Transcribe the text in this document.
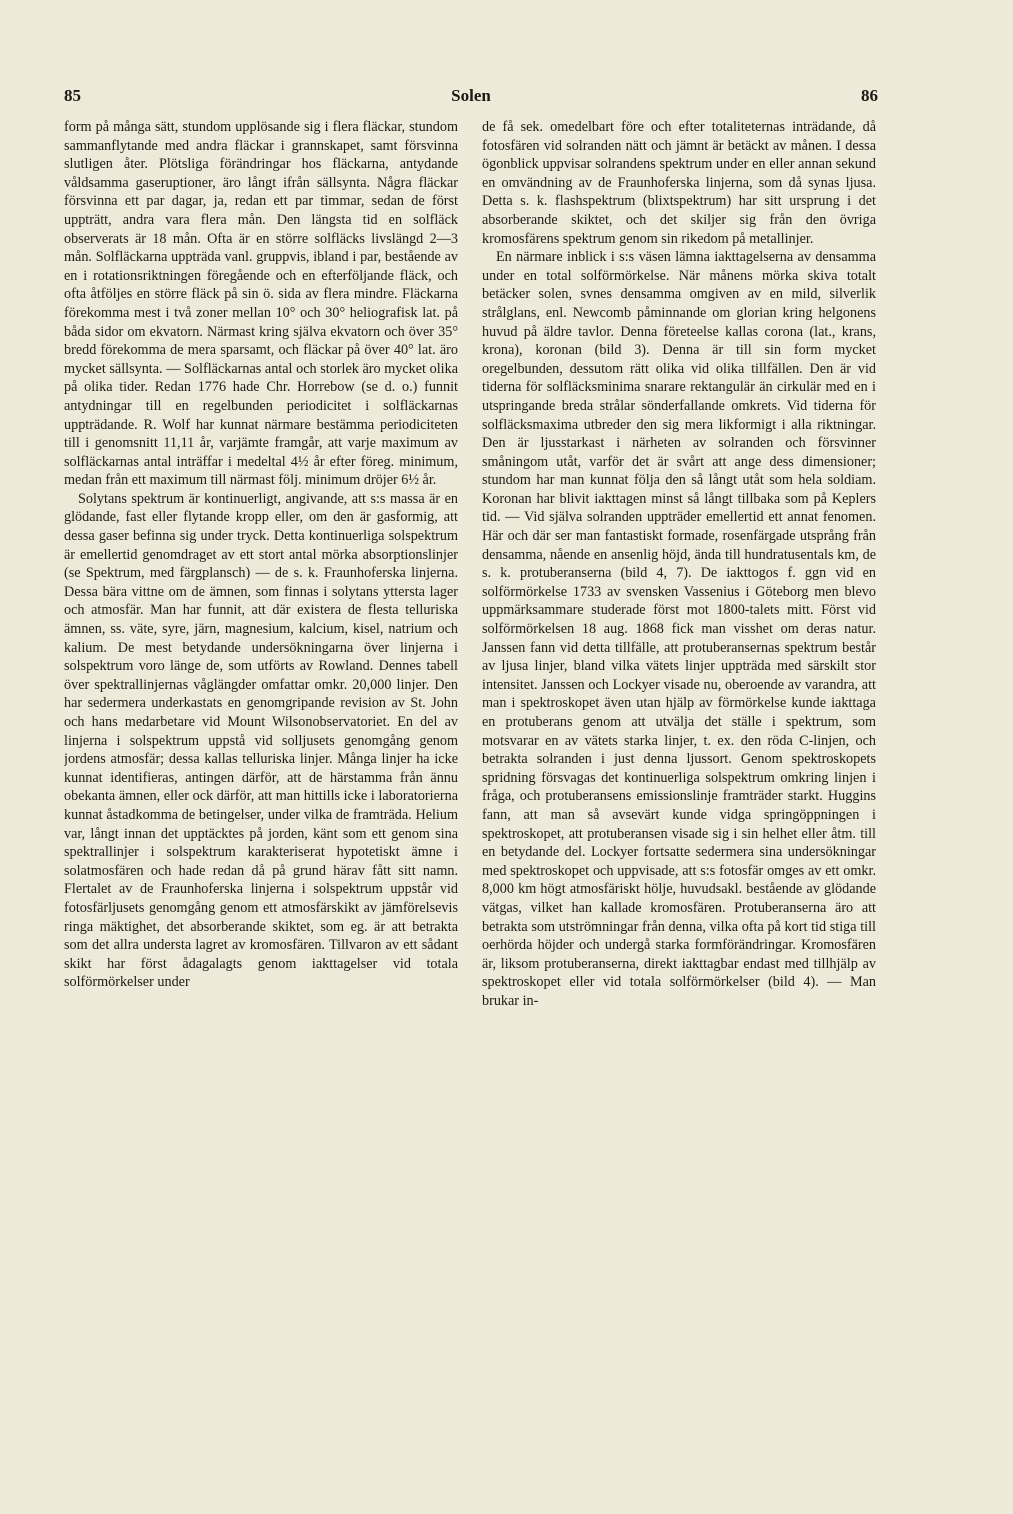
85	Solen	86

form på många sätt, stundom upplösande sig i flera fläckar, stundom sammanflytande med andra fläckar i grannskapet, samt försvinna slutligen åter. Plötsliga förändringar hos fläckarna, antydande våldsamma gaseruptioner, äro långt ifrån sällsynta. Några fläckar försvinna ett par dagar, ja, redan ett par timmar, sedan de först uppträtt, andra vara flera mån. Den längsta tid en solfläck observerats är 18 mån. Ofta är en större solfläcks livslängd 2—3 mån. Solfläckarna uppträda vanl. gruppvis, ibland i par, bestående av en i rotationsriktningen föregående och en efterföljande fläck, och ofta åtföljes en större fläck på sin ö. sida av flera mindre. Fläckarna förekomma mest i två zoner mellan 10° och 30° heliografisk lat. på båda sidor om ekvatorn. Närmast kring själva ekvatorn och över 35° bredd förekomma de mera sparsamt, och fläckar på över 40° lat. äro mycket sällsynta. — Solfläckarnas antal och storlek äro mycket olika på olika tider. Redan 1776 hade Chr. Horrebow (se d. o.) funnit antydningar till en regelbunden periodicitet i solfläckarnas uppträdande. R. Wolf har kunnat närmare bestämma periodiciteten till i genomsnitt 11,11 år, varjämte framgår, att varje maximum av solfläckarnas antal inträffar i medeltal 4½ år efter föreg. minimum, medan från ett maximum till närmast följ. minimum dröjer 6½ år.

Solytans spektrum är kontinuerligt, angivande, att s:s massa är en glödande, fast eller flytande kropp eller, om den är gasformig, att dessa gaser befinna sig under tryck. Detta kontinuerliga solspektrum är emellertid genomdraget av ett stort antal mörka absorptionslinjer (se Spektrum, med färgplansch) — de s. k. Fraunhoferska linjerna. Dessa bära vittne om de ämnen, som finnas i solytans yttersta lager och atmosfär. Man har funnit, att där existera de flesta telluriska ämnen, ss. väte, syre, järn, magnesium, kalcium, kisel, natrium och kalium. De mest betydande undersökningarna över linjerna i solspektrum voro länge de, som utförts av Rowland. Dennes tabell över spektrallinjernas våglängder omfattar omkr. 20,000 linjer. Den har sedermera underkastats en genomgripande revision av St. John och hans medarbetare vid Mount Wilsonobservatoriet. En del av linjerna i solspektrum uppstå vid solljusets genomgång genom jordens atmosfär; dessa kallas telluriska linjer. Många linjer ha icke kunnat identifieras, antingen därför, att de härstamma från ännu obekanta ämnen, eller ock därför, att man hittills icke i laboratorierna kunnat åstadkomma de betingelser, under vilka de framträda. Helium var, långt innan det upptäcktes på jorden, känt som ett genom sina spektrallinjer i solspektrum karakteriserat hypotetiskt ämne i solatmosfären och hade redan då på grund härav fått sitt namn. Flertalet av de Fraunhoferska linjerna i solspektrum uppstår vid fotosfärljusets genomgång genom ett atmosfärskikt av jämförelsevis ringa mäktighet, det absorberande skiktet, som eg. är att betrakta som det allra understa lagret av kromosfären. Tillvaron av ett sådant skikt har först ådagalagts genom iakttagelser vid totala solförmörkelser under

de få sek. omedelbart före och efter totaliteternas inträdande, då fotosfären vid solranden nätt och jämnt är betäckt av månen. I dessa ögonblick uppvisar solrandens spektrum under en eller annan sekund en omvändning av de Fraunhoferska linjerna, som då synas ljusa. Detta s. k. flashspektrum (blixtspektrum) har sitt ursprung i det absorberande skiktet, och det skiljer sig från den övriga kromosfärens spektrum genom sin rikedom på metallinjer.

En närmare inblick i s:s väsen lämna iakttagelserna av densamma under en total solförmörkelse. När månens mörka skiva totalt betäcker solen, svnes densamma omgiven av en mild, silverlik strålglans, enl. Newcomb påminnande om glorian kring helgonens huvud på äldre tavlor. Denna företeelse kallas corona (lat., krans, krona), koronan (bild 3). Denna är till sin form mycket oregelbunden, dessutom rätt olika vid olika tillfällen. Den är vid tiderna för solfläcksminima snarare rektangulär än cirkulär med en i utspringande breda strålar sönderfallande omkrets. Vid tiderna för solfläcksmaxima utbreder den sig mera likformigt i alla riktningar. Den är ljusstarkast i närheten av solranden och försvinner småningom utåt, varför det är svårt att ange dess dimensioner; stundom har man kunnat följa den så långt utåt som hela soldiam. Koronan har blivit iakttagen minst så långt tillbaka som på Keplers tid. — Vid själva solranden uppträder emellertid ett annat fenomen. Här och där ser man fantastiskt formade, rosenfärgade utsprång från densamma, nående en ansenlig höjd, ända till hundratusentals km, de s. k. protuberanserna (bild 4, 7). De iakttogos f. ggn vid en solförmörkelse 1733 av svensken Vassenius i Göteborg men blevo uppmärksammare studerade först mot 1800-talets mitt. Först vid solförmörkelsen 18 aug. 1868 fick man visshet om deras natur. Janssen fann vid detta tillfälle, att protuberansernas spektrum består av ljusa linjer, bland vilka vätets linjer uppträda med särskilt stor intensitet. Janssen och Lockyer visade nu, oberoende av varandra, att man i spektroskopet även utan hjälp av förmörkelse kunde iakttaga en protuberans genom att utvälja det ställe i spektrum, som motsvarar en av vätets starka linjer, t. ex. den röda C-linjen, och betrakta solranden i just denna ljussort. Genom spektroskopets spridning försvagas det kontinuerliga solspektrum omkring linjen i fråga, och protuberansens emissionslinje framträder starkt. Huggins fann, att man så avsevärt kunde vidga springöppningen i spektroskopet, att protuberansen visade sig i sin helhet eller åtm. till en betydande del. Lockyer fortsatte sedermera sina undersökningar med spektroskopet och uppvisade, att s:s fotosfär omges av ett omkr. 8,000 km högt atmosfäriskt hölje, huvudsakl. bestående av glödande vätgas, vilket han kallade kromosfären. Protuberanserna äro att betrakta som utströmningar från denna, vilka ofta på kort tid stiga till oerhörda höjder och undergå starka formförändringar. Kromosfären är, liksom protuberanserna, direkt iakttagbar endast med tillhjälp av spektroskopet eller vid totala solförmörkelser (bild 4). — Man brukar in-
